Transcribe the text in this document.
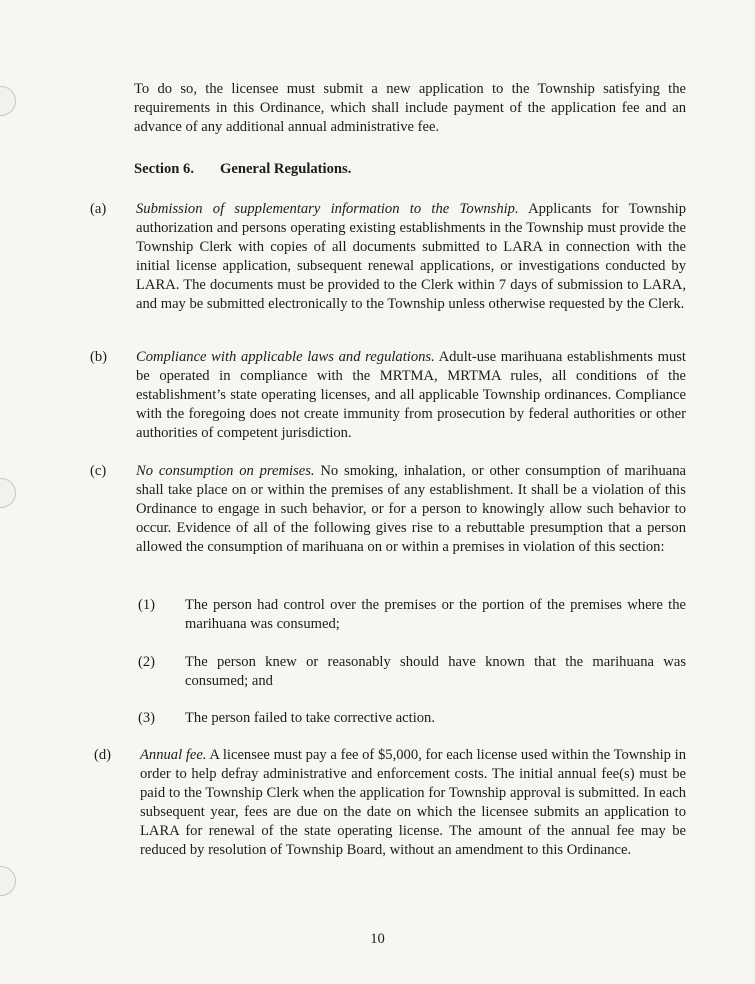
To do so, the licensee must submit a new application to the Township satisfying the requirements in this Ordinance, which shall include payment of the application fee and an advance of any additional annual administrative fee.

Section 6. General Regulations.
(a) Submission of supplementary information to the Township. Applicants for Township authorization and persons operating existing establishments in the Township must provide the Township Clerk with copies of all documents submitted to LARA in connection with the initial license application, subsequent renewal applications, or investigations conducted by LARA. The documents must be provided to the Clerk within 7 days of submission to LARA, and may be submitted electronically to the Township unless otherwise requested by the Clerk.

(b) Compliance with applicable laws and regulations. Adult-use marihuana establishments must be operated in compliance with the MRTMA, MRTMA rules, all conditions of the establishment’s state operating licenses, and all applicable Township ordinances. Compliance with the foregoing does not create immunity from prosecution by federal authorities or other authorities of competent jurisdiction.

(c) No consumption on premises. No smoking, inhalation, or other consumption of marihuana shall take place on or within the premises of any establishment. It shall be a violation of this Ordinance to engage in such behavior, or for a person to knowingly allow such behavior to occur. Evidence of all of the following gives rise to a rebuttable presumption that a person allowed the consumption of marihuana on or within a premises in violation of this section:

(1) The person had control over the premises or the portion of the premises where the marihuana was consumed;

(2) The person knew or reasonably should have known that the marihuana was consumed; and

(3) The person failed to take corrective action.

(d) Annual fee. A licensee must pay a fee of $5,000, for each license used within the Township in order to help defray administrative and enforcement costs. The initial annual fee(s) must be paid to the Township Clerk when the application for Township approval is submitted. In each subsequent year, fees are due on the date on which the licensee submits an application to LARA for renewal of the state operating license. The amount of the annual fee may be reduced by resolution of Township Board, without an amendment to this Ordinance.

10
